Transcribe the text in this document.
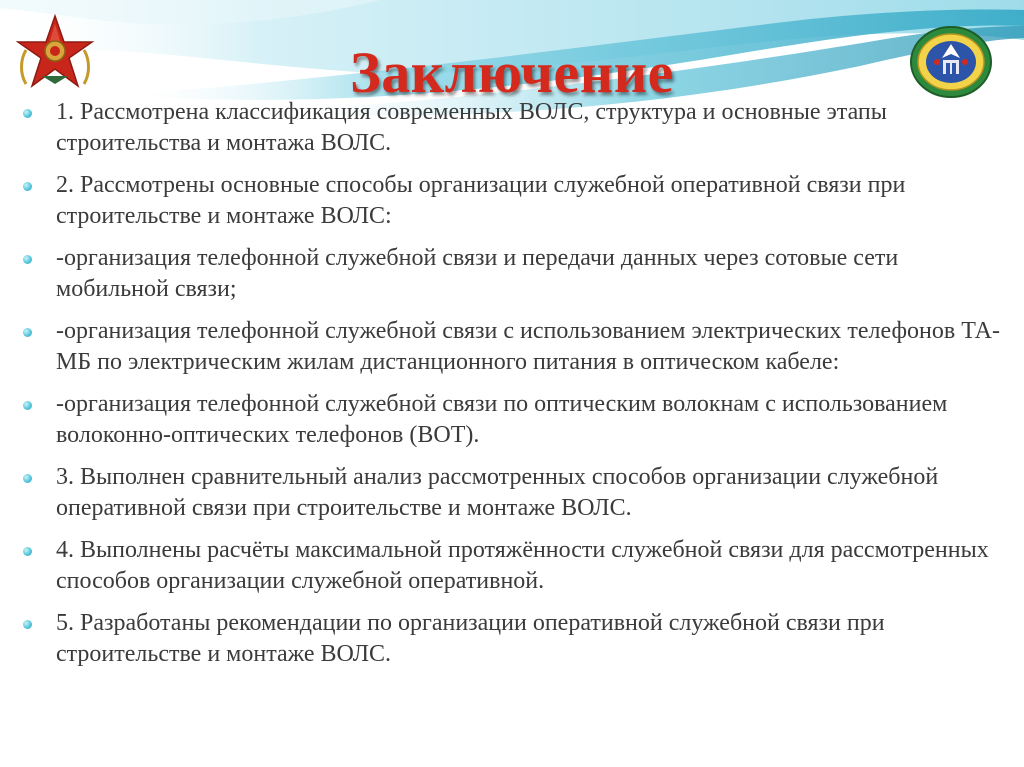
Заключение
1. Рассмотрена классификация современных ВОЛС, структура и основные этапы строительства и монтажа ВОЛС.
2. Рассмотрены основные способы организации служебной оперативной связи при строительстве и монтаже ВОЛС:
-организация телефонной служебной связи и передачи данных через сотовые сети мобильной связи;
-организация телефонной служебной связи с использованием электрических телефонов ТА-МБ по электрическим жилам дистанционного питания в оптическом кабеле:
-организация телефонной служебной связи по оптическим волокнам с использованием волоконно-оптических телефонов (ВОТ).
3. Выполнен сравнительный анализ рассмотренных способов организации служебной оперативной связи при строительстве и монтаже ВОЛС.
4. Выполнены расчёты максимальной протяжённости служебной связи для рассмотренных способов организации служебной оперативной.
5. Разработаны рекомендации по организации оперативной служебной связи при строительстве и монтаже ВОЛС.
